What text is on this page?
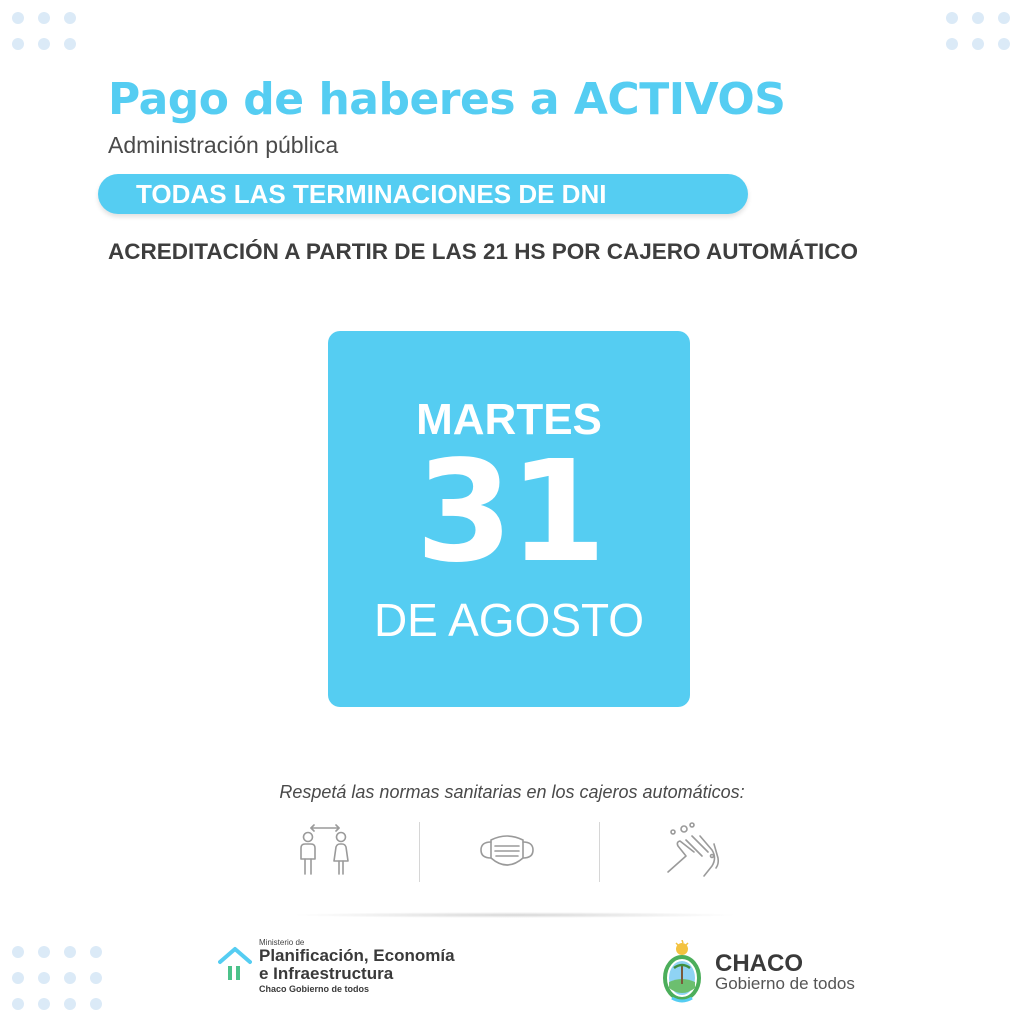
Pago de haberes a ACTIVOS
Administración pública
TODAS LAS TERMINACIONES DE DNI
ACREDITACIÓN A PARTIR DE LAS 21 HS POR CAJERO AUTOMÁTICO
MARTES
31
DE AGOSTO
Respetá las normas sanitarias en los cajeros automáticos:
Ministerio de
Planificación, Economía
e Infraestructura
Chaco Gobierno de todos
CHACO
Gobierno de todos
